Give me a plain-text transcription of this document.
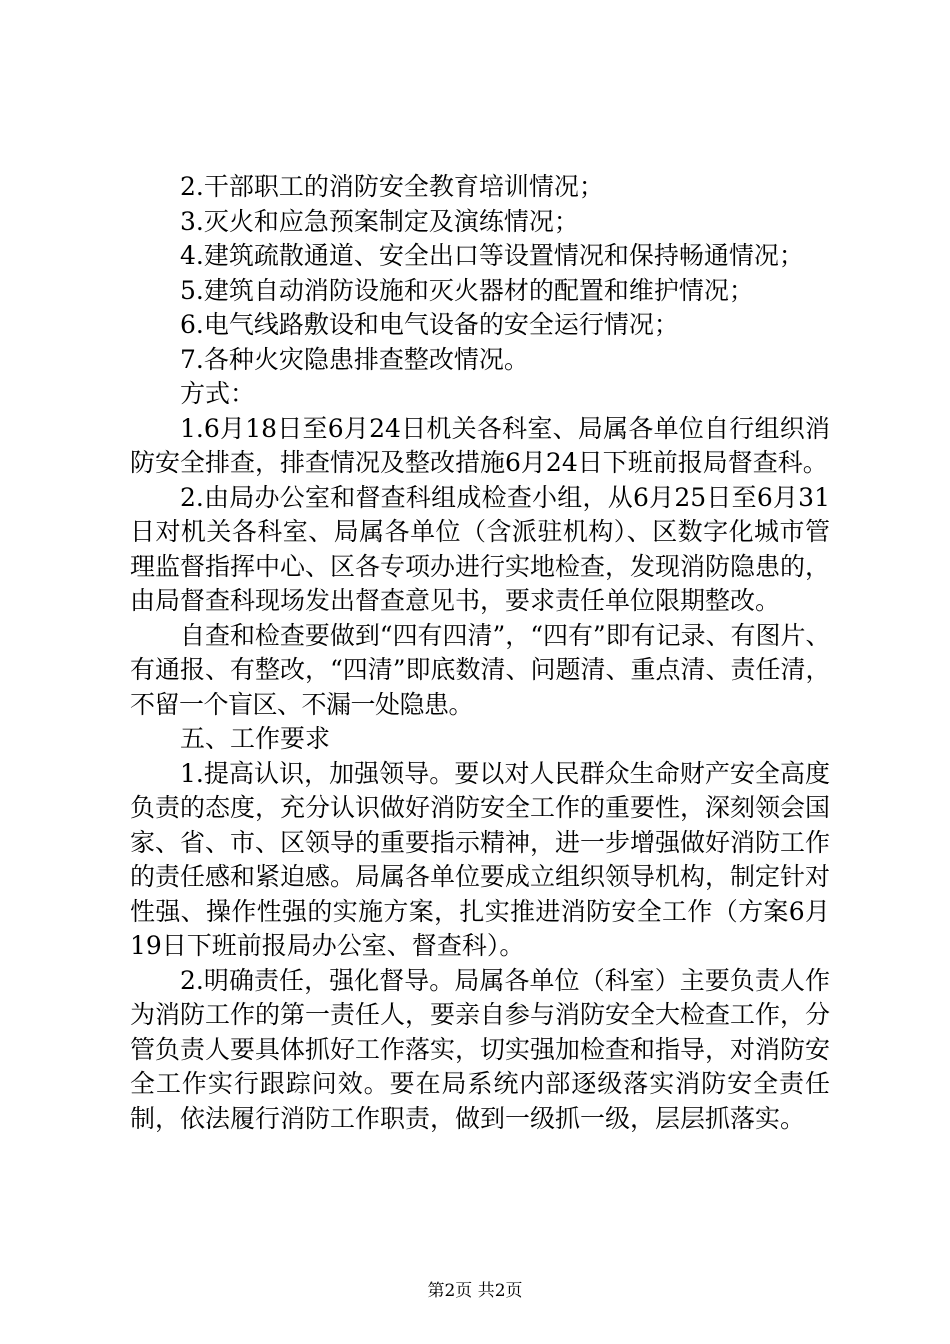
2.干部职工的消防安全教育培训情况；

3.灭火和应急预案制定及演练情况；

4.建筑疏散通道、安全出口等设置情况和保持畅通情况；

5.建筑自动消防设施和灭火器材的配置和维护情况；

6.电气线路敷设和电气设备的安全运行情况；

7.各种火灾隐患排查整改情况。

方式：

1.6月18日至6月24日机关各科室、局属各单位自行组织消防安全排查，排查情况及整改措施6月24日下班前报局督查科。

2.由局办公室和督查科组成检查小组，从6月25日至6月31日对机关各科室、局属各单位（含派驻机构）、区数字化城市管理监督指挥中心、区各专项办进行实地检查，发现消防隐患的，由局督查科现场发出督查意见书，要求责任单位限期整改。

自查和检查要做到“四有四清”，“四有”即有记录、有图片、有通报、有整改，“四清”即底数清、问题清、重点清、责任清，不留一个盲区、不漏一处隐患。

五、工作要求

1.提高认识，加强领导。要以对人民群众生命财产安全高度负责的态度，充分认识做好消防安全工作的重要性，深刻领会国家、省、市、区领导的重要指示精神，进一步增强做好消防工作的责任感和紧迫感。局属各单位要成立组织领导机构，制定针对性强、操作性强的实施方案，扎实推进消防安全工作（方案6月19日下班前报局办公室、督查科）。

2.明确责任，强化督导。局属各单位（科室）主要负责人作为消防工作的第一责任人，要亲自参与消防安全大检查工作，分管负责人要具体抓好工作落实，切实强加检查和指导，对消防安全工作实行跟踪问效。要在局系统内部逐级落实消防安全责任制，依法履行消防工作职责，做到一级抓一级，层层抓落实。

第2页 共2页
